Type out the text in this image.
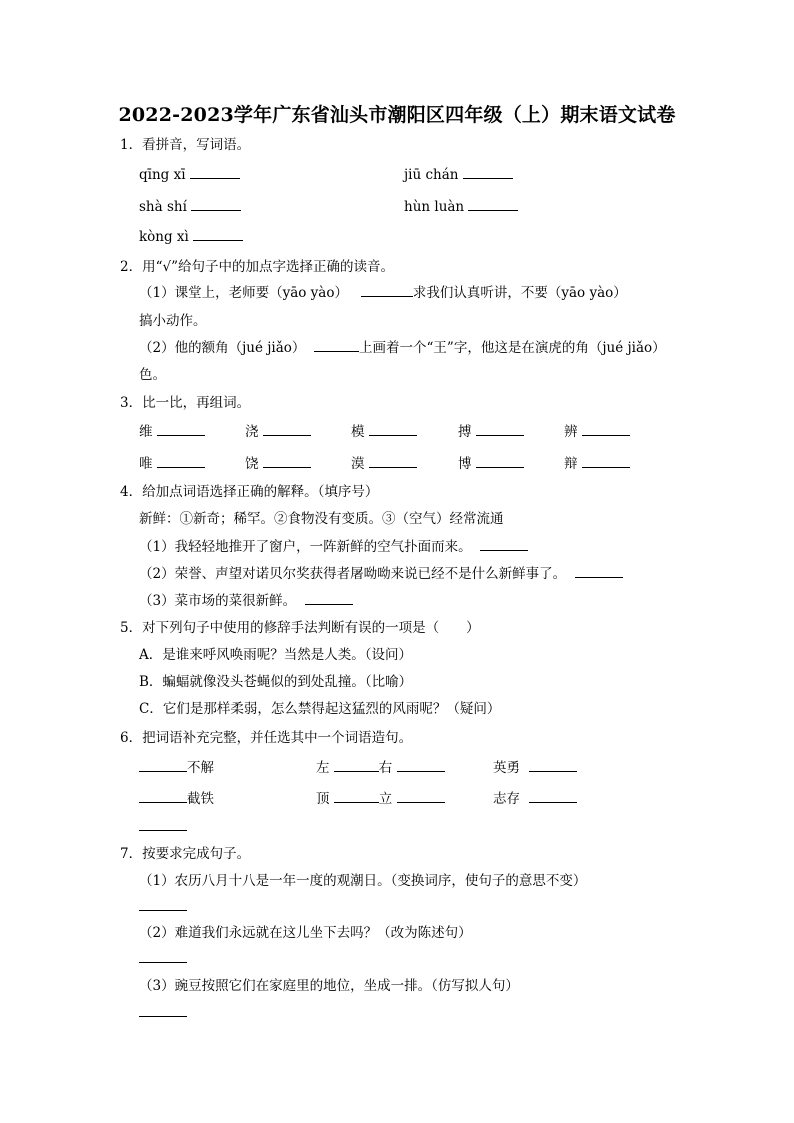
2022-2023学年广东省汕头市潮阳区四年级（上）期末语文试卷
1．看拼音，写词语。
qīng xī	jiū chán
shà shí	hùn luàn
kòng xì
2．用“√”给句子中的加点字选择正确的读音。
（1）课堂上，老师要（yāo yào）	求我们认真听讲，不要（yāo yào）
搞小动作。
（2）他的额角（jué jiǎo）	上画着一个“王”字，他这是在演虎的角（jué jiǎo）
色。
3．比一比，再组词。
维	浇	模	搏	辨
唯	饶	漠	博	辩
4．给加点词语选择正确的解释。（填序号）
新鲜：①新奇；稀罕。②食物没有变质。③（空气）经常流通
（1）我轻轻地推开了窗户，一阵新鲜的空气扑面而来。
（2）荣誉、声望对诺贝尔奖获得者屠呦呦来说已经不是什么新鲜事了。
（3）菜市场的菜很新鲜。
5．对下列句子中使用的修辞手法判断有误的一项是（　　）
A．是谁来呼风唤雨呢？当然是人类。（设问）
B．蝙蝠就像没头苍蝇似的到处乱撞。（比喻）
C．它们是那样柔弱，怎么禁得起这猛烈的风雨呢？（疑问）
6．把词语补充完整，并任选其中一个词语造句。
不解	左	右	英勇
截铁	顶	立	志存
7．按要求完成句子。
（1）农历八月十八是一年一度的观潮日。（变换词序，使句子的意思不变）
（2）难道我们永远就在这儿坐下去吗？（改为陈述句）
（3）豌豆按照它们在家庭里的地位，坐成一排。（仿写拟人句）
